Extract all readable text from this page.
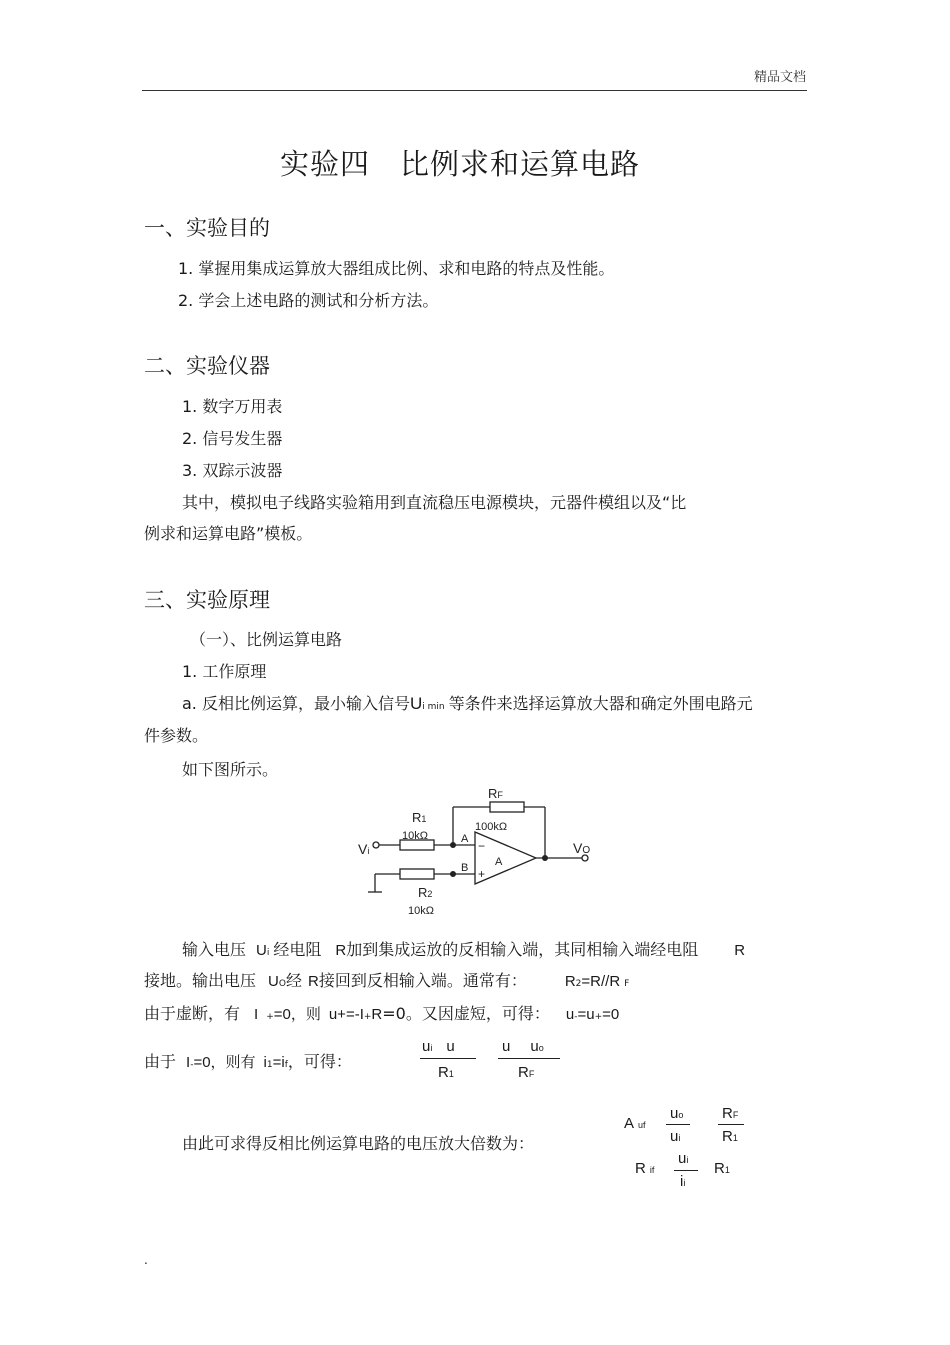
精品文档
实验四　比例求和运算电路
一、实验目的
1. 掌握用集成运算放大器组成比例、求和电路的特点及性能。
2. 学会上述电路的测试和分析方法。
二、实验仪器
1. 数字万用表
2. 信号发生器
3. 双踪示波器
其中，模拟电子线路实验箱用到直流稳压电源模块，元器件模组以及“比
例求和运算电路”模板。
三、实验原理
（一）、比例运算电路
1. 工作原理
a. 反相比例运算，最小输入信号Ui min 等条件来选择运算放大器和确定外围电路元
件参数。
如下图所示。
RF
100kΩ
R1
10kΩ
R2
10kΩ
Vi	VO
A
B A
−
+
输入电压 Ui 经电阻 R加到集成运放的反相输入端，其同相输入端经电阻 R
接地。输出电压 UO经 R接回到反相输入端。通常有：	R2=R//R F
由于虚断，有 I +=0，则 u+=-I+R=0。又因虚短，可得： u-=u+=0
由于 I-=0，则有 i1=if，可得：
ui u
R1
u uo
RF
由此可求得反相比例运算电路的电压放大倍数为：
Auf
uo
ui
RF
R1
Rif
ui
ii
R1
.
